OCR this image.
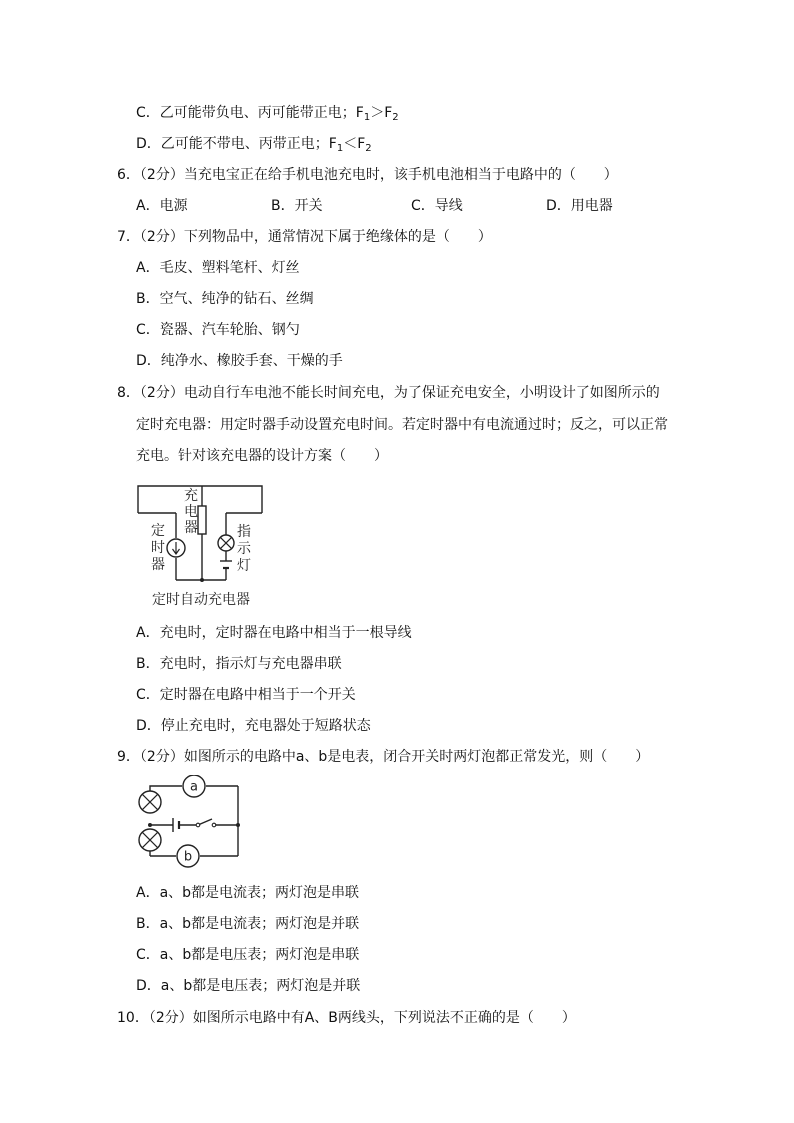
C．乙可能带负电、丙可能带正电；$F_1>F_2$
D．乙可能不带电、丙带正电；$F_1<F_2$
6．（2分）当充电宝正在给手机电池充电时，该手机电池相当于电路中的（　　）
A．电源	B．开关	C．导线	D．用电器
7．（2分）下列物品中，通常情况下属于绝缘体的是（　　）
A．毛皮、塑料笔杆、灯丝
B．空气、纯净的钻石、丝绸
C．瓷器、汽车轮胎、钢勺
D．纯净水、橡胶手套、干燥的手
8．（2分）电动自行车电池不能长时间充电，为了保证充电安全，小明设计了如图所示的
定时充电器：用定时器手动设置充电时间。若定时器中有电流通过时；反之，可以正常
充电。针对该充电器的设计方案（　　）
充
电
器
定
时
器
指
示
灯
定时自动充电器
A．充电时，定时器在电路中相当于一根导线
B．充电时，指示灯与充电器串联
C．定时器在电路中相当于一个开关
D．停止充电时，充电器处于短路状态
9．（2分）如图所示的电路中a、b是电表，闭合开关时两灯泡都正常发光，则（　　）
a
b
A．a、b都是电流表；两灯泡是串联
B．a、b都是电流表；两灯泡是并联
C．a、b都是电压表；两灯泡是串联
D．a、b都是电压表；两灯泡是并联
10．（2分）如图所示电路中有A、B两线头，下列说法不正确的是（　　）
